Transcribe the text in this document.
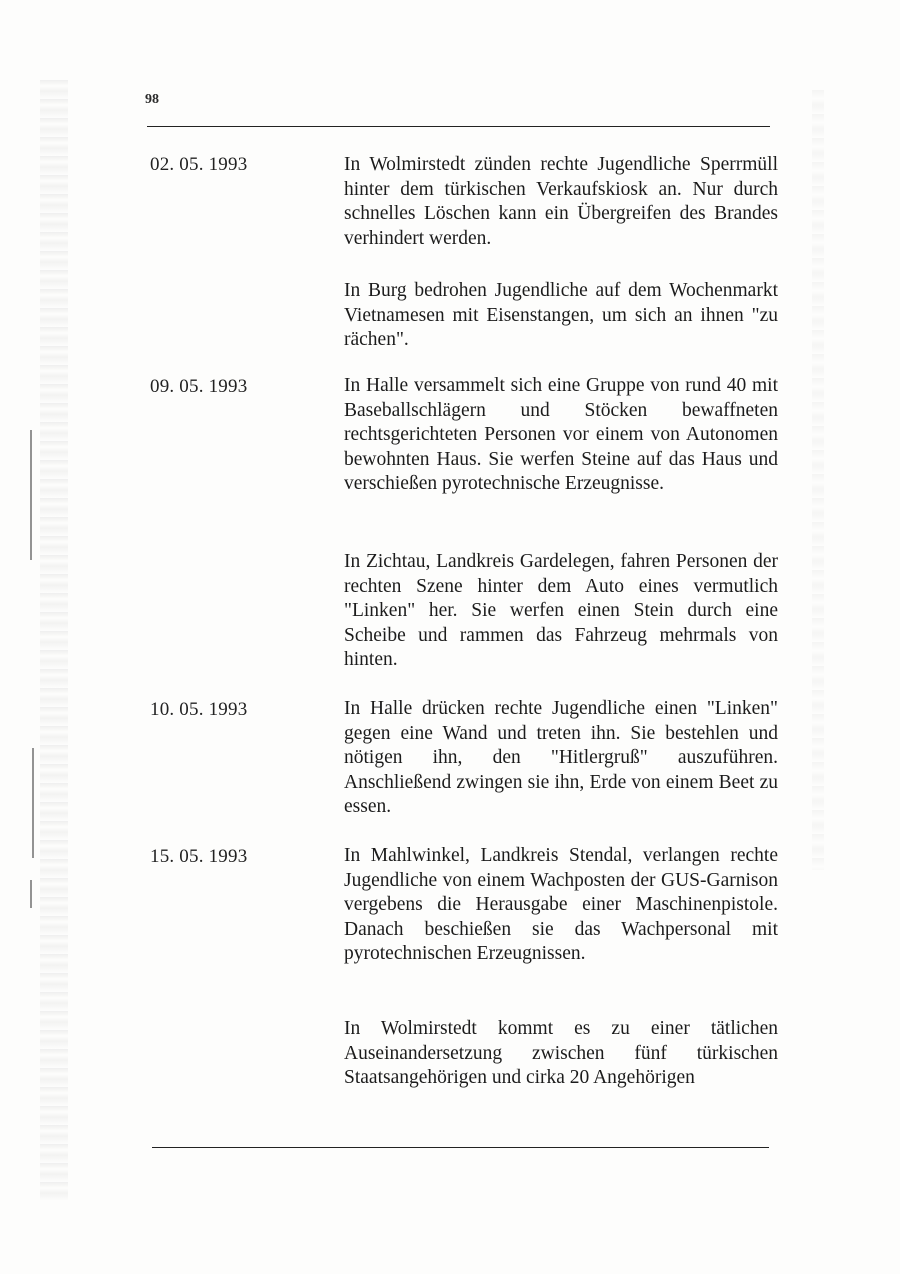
98
02. 05. 1993	In Wolmirstedt zünden rechte Jugendliche Sperrmüll hinter dem türkischen Verkaufskiosk an. Nur durch schnelles Löschen kann ein Übergreifen des Brandes verhindert werden.
In Burg bedrohen Jugendliche auf dem Wochenmarkt Vietnamesen mit Eisenstangen, um sich an ihnen "zu rächen".
09. 05. 1993	In Halle versammelt sich eine Gruppe von rund 40 mit Baseballschlägern und Stöcken bewaffneten rechtsgerichteten Personen vor einem von Autonomen bewohnten Haus. Sie werfen Steine auf das Haus und verschießen pyrotechnische Erzeugnisse.
In Zichtau, Landkreis Gardelegen, fahren Personen der rechten Szene hinter dem Auto eines vermutlich "Linken" her. Sie werfen einen Stein durch eine Scheibe und rammen das Fahrzeug mehrmals von hinten.
10. 05. 1993	In Halle drücken rechte Jugendliche einen "Linken" gegen eine Wand und treten ihn. Sie bestehlen und nötigen ihn, den "Hitlergruß" auszuführen. Anschließend zwingen sie ihn, Erde von einem Beet zu essen.
15. 05. 1993	In Mahlwinkel, Landkreis Stendal, verlangen rechte Jugendliche von einem Wachposten der GUS-Garnison vergebens die Herausgabe einer Maschinenpistole. Danach beschießen sie das Wachpersonal mit pyrotechnischen Erzeugnissen.
In Wolmirstedt kommt es zu einer tätlichen Auseinandersetzung zwischen fünf türkischen Staatsangehörigen und cirka 20 Angehörigen
